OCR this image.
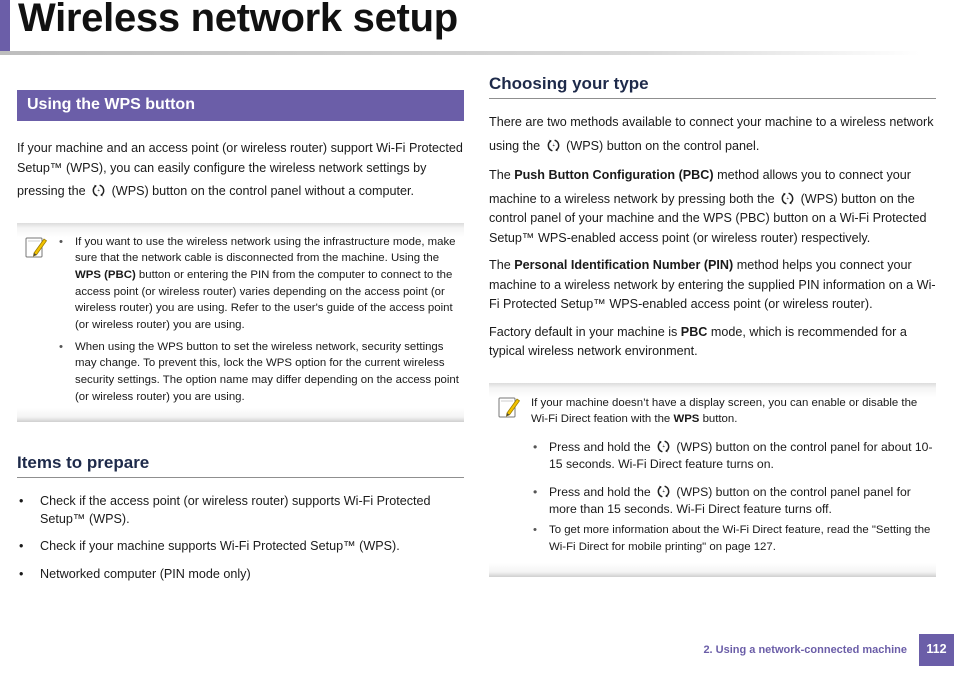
Wireless network setup
Using the WPS button

If your machine and an access point (or wireless router) support Wi-Fi Protected Setup™ (WPS), you can easily configure the wireless network settings by

pressing the (WPS) button on the control panel without a computer.

• If you want to use the wireless network using the infrastructure mode, make sure that the network cable is disconnected from the machine. Using the WPS (PBC) button or entering the PIN from the computer to connect to the access point (or wireless router) varies depending on the access point (or wireless router) you are using. Refer to the user's guide of the access point (or wireless router) you are using.
• When using the WPS button to set the wireless network, security settings may change. To prevent this, lock the WPS option for the current wireless security settings. The option name may differ depending on the access point (or wireless router) you are using.
Items to prepare
• Check if the access point (or wireless router) supports Wi-Fi Protected Setup™ (WPS).
• Check if your machine supports Wi-Fi Protected Setup™ (WPS).
• Networked computer (PIN mode only)
Choosing your type

There are two methods available to connect your machine to a wireless network

using the (WPS) button on the control panel.

The Push Button Configuration (PBC) method allows you to connect your

machine to a wireless network by pressing both the (WPS) button on the control panel of your machine and the WPS (PBC) button on a Wi-Fi Protected Setup™ WPS-enabled access point (or wireless router) respectively.

The Personal Identification Number (PIN) method helps you connect your machine to a wireless network by entering the supplied PIN information on a Wi-Fi Protected Setup™ WPS-enabled access point (or wireless router).

Factory default in your machine is PBC mode, which is recommended for a typical wireless network environment.

If your machine doesn’t have a display screen, you can enable or disable the Wi-Fi Direct feation with the WPS button.

• Press and hold the (WPS) button on the control panel for about 10-15 seconds. Wi-Fi Direct feature turns on.
• Press and hold the (WPS) button on the control panel panel for more than 15 seconds. Wi-Fi Direct feature turns off.
• To get more information about the Wi-Fi Direct feature, read the "Setting the Wi-Fi Direct for mobile printing" on page 127.
2. Using a network-connected machine	112
